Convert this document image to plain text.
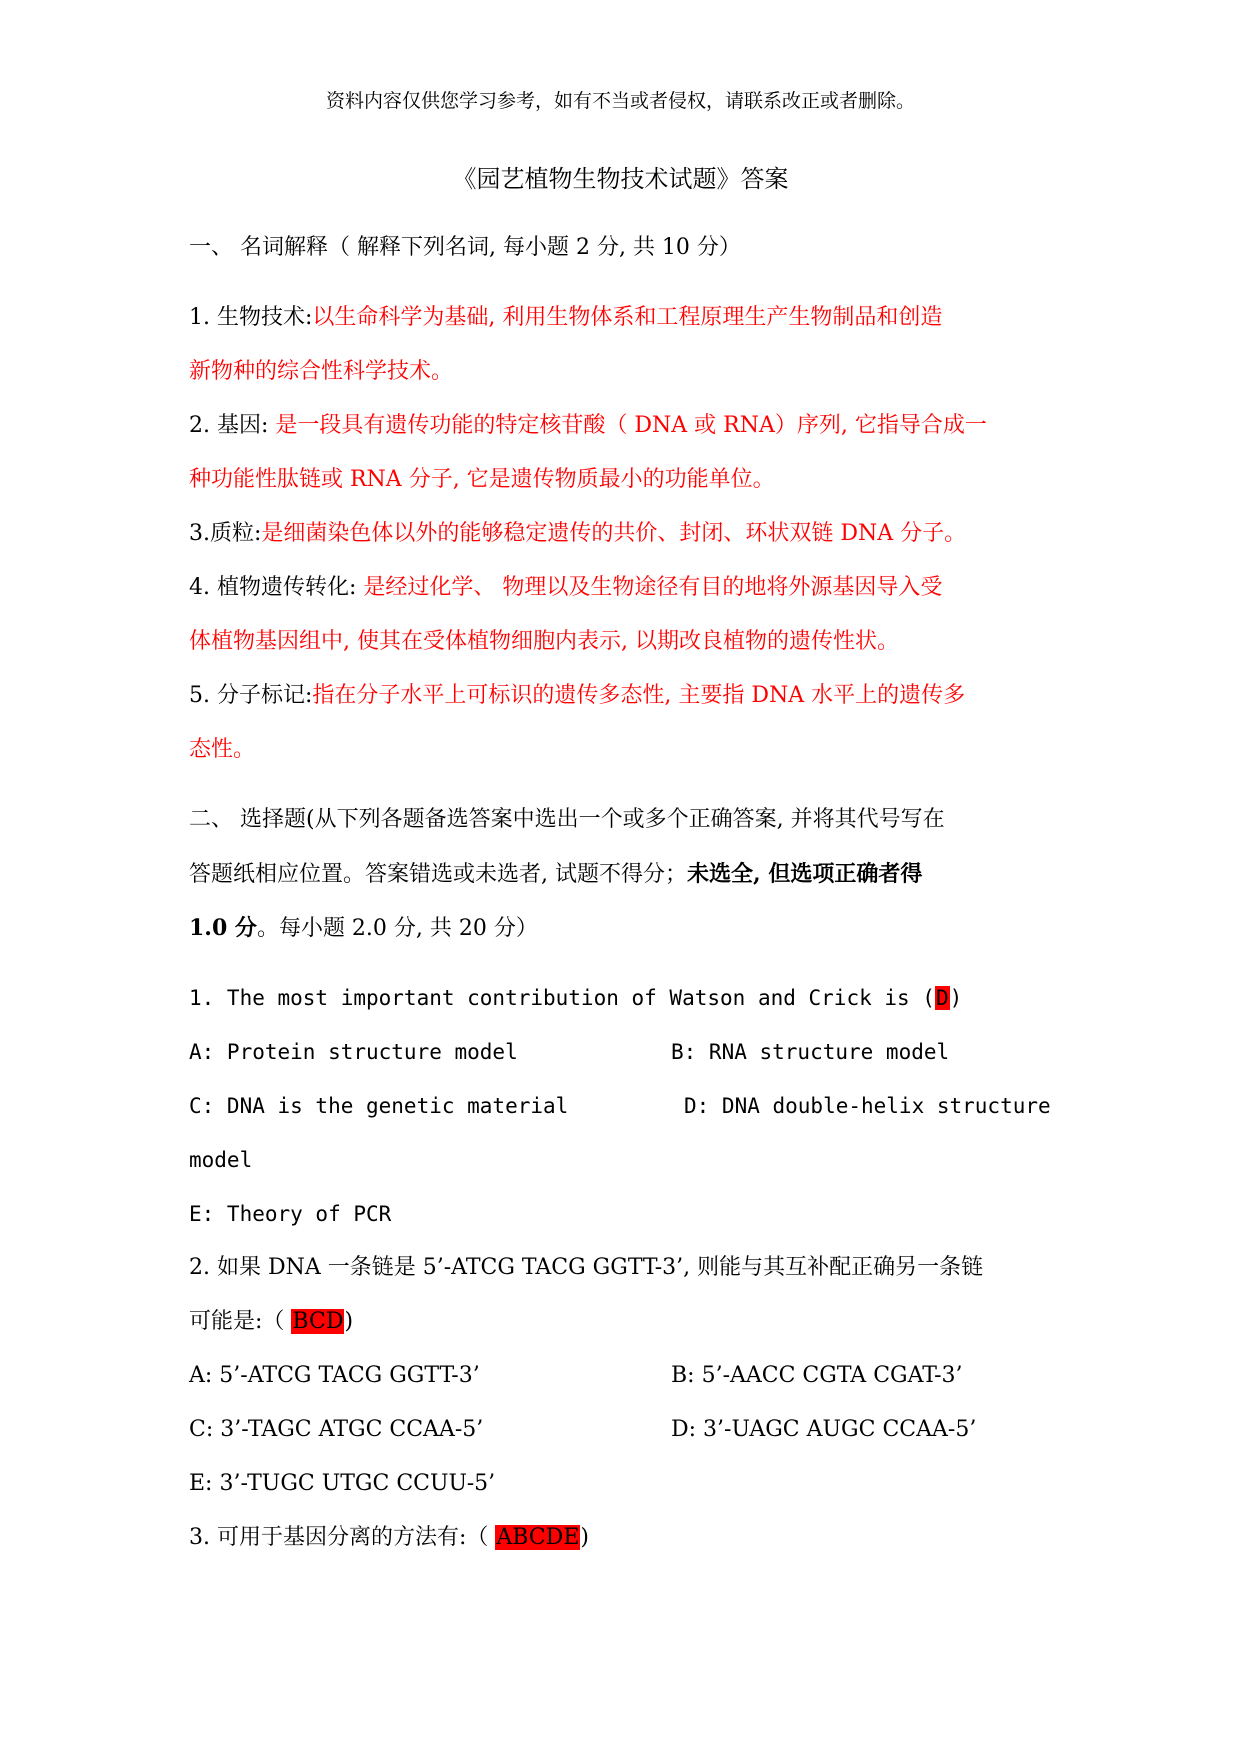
资料内容仅供您学习参考，如有不当或者侵权，请联系改正或者删除。
《园艺植物生物技术试题》答案
一、 名词解释（ 解释下列名词, 每小题 2 分, 共 10 分）
1. 生物技术:以生命科学为基础, 利用生物体系和工程原理生产生物制品和创造
新物种的综合性科学技术。
2. 基因: 是一段具有遗传功能的特定核苷酸（ DNA 或 RNA）序列, 它指导合成一
种功能性肽链或 RNA 分子, 它是遗传物质最小的功能单位。
3.质粒:是细菌染色体以外的能够稳定遗传的共价、封闭、环状双链 DNA 分子。
4. 植物遗传转化: 是经过化学、 物理以及生物途径有目的地将外源基因导入受
体植物基因组中, 使其在受体植物细胞内表示, 以期改良植物的遗传性状。
5. 分子标记:指在分子水平上可标识的遗传多态性, 主要指 DNA 水平上的遗传多
态性。
二、 选择题(从下列各题备选答案中选出一个或多个正确答案, 并将其代号写在
答题纸相应位置。答案错选或未选者, 试题不得分；未选全, 但选项正确者得
1.0 分。每小题 2.0 分, 共 20 分）
1. The most important contribution of Watson and Crick is (D)
A: Protein structure model	B: RNA structure model
C: DNA is the genetic material	D: DNA double-helix structure
model
E: Theory of PCR
2. 如果 DNA 一条链是 5’-ATCG TACG GGTT-3’, 则能与其互补配正确另一条链
可能是:（ BCD)
A: 5’-ATCG TACG GGTT-3’	B: 5’-AACC CGTA CGAT-3’
C: 3’-TAGC ATGC CCAA-5’	D: 3’-UAGC AUGC CCAA-5’
E: 3’-TUGC UTGC CCUU-5’
3. 可用于基因分离的方法有:（ ABCDE)
